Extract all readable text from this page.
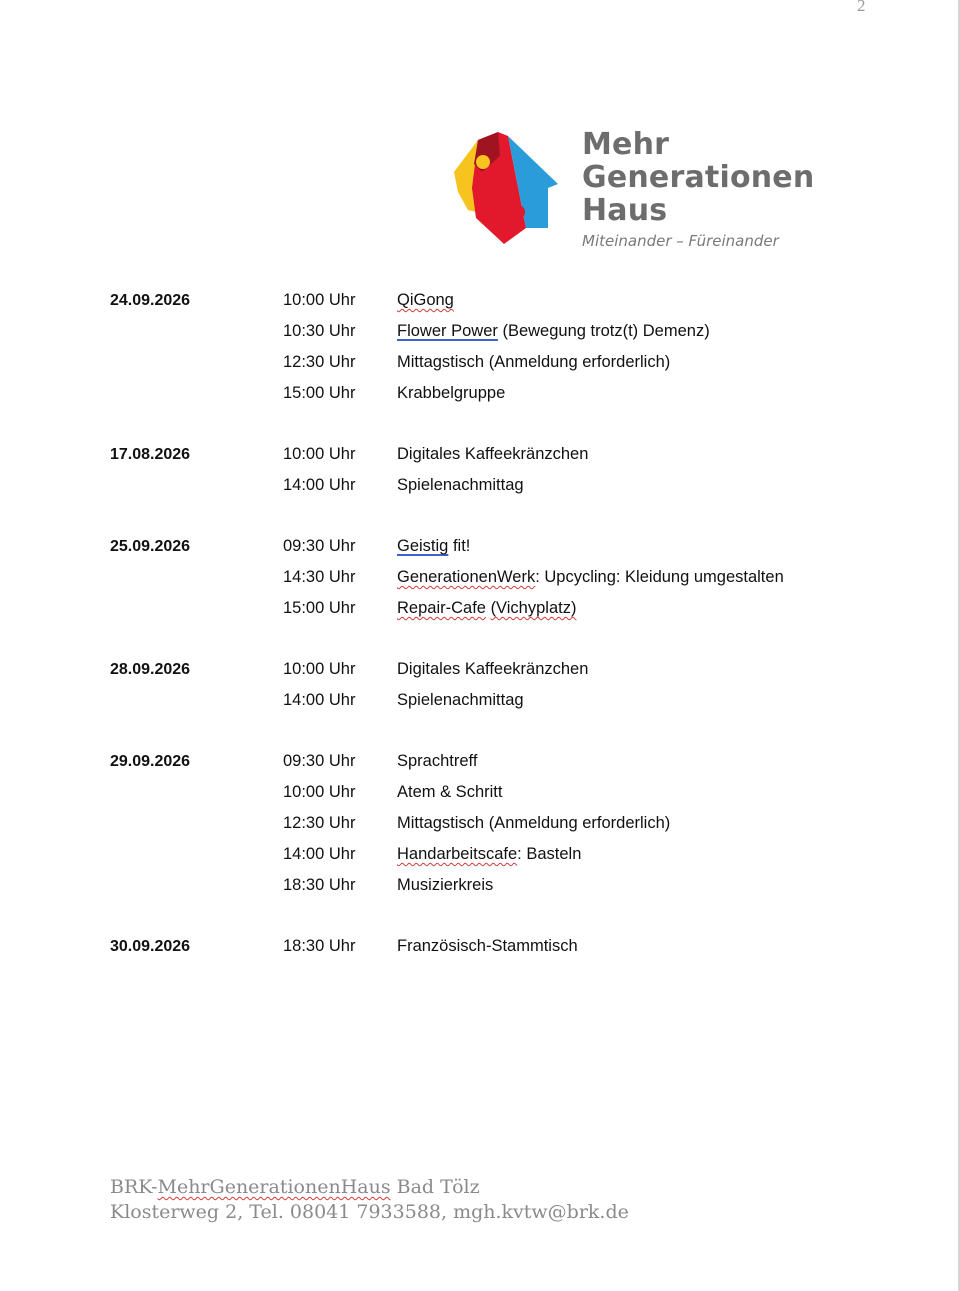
2
Mehr
Generationen
Haus
Miteinander – Füreinander
24.09.2026	10:00 Uhr	QiGong
10:30 Uhr	Flower Power (Bewegung trotz(t) Demenz)
12:30 Uhr	Mittagstisch (Anmeldung erforderlich)
15:00 Uhr	Krabbelgruppe
17.08.2026	10:00 Uhr	Digitales Kaffeekränzchen
14:00 Uhr	Spielenachmittag
25.09.2026	09:30 Uhr	Geistig fit!
14:30 Uhr	GenerationenWerk: Upcycling: Kleidung umgestalten
15:00 Uhr	Repair-Cafe (Vichyplatz)
28.09.2026	10:00 Uhr	Digitales Kaffeekränzchen
14:00 Uhr	Spielenachmittag
29.09.2026	09:30 Uhr	Sprachtreff
10:00 Uhr	Atem & Schritt
12:30 Uhr	Mittagstisch (Anmeldung erforderlich)
14:00 Uhr	Handarbeitscafe: Basteln
18:30 Uhr	Musizierkreis
30.09.2026	18:30 Uhr	Französisch-Stammtisch
BRK-MehrGenerationenHaus Bad Tölz
Klosterweg 2, Tel. 08041 7933588, mgh.kvtw@brk.de
